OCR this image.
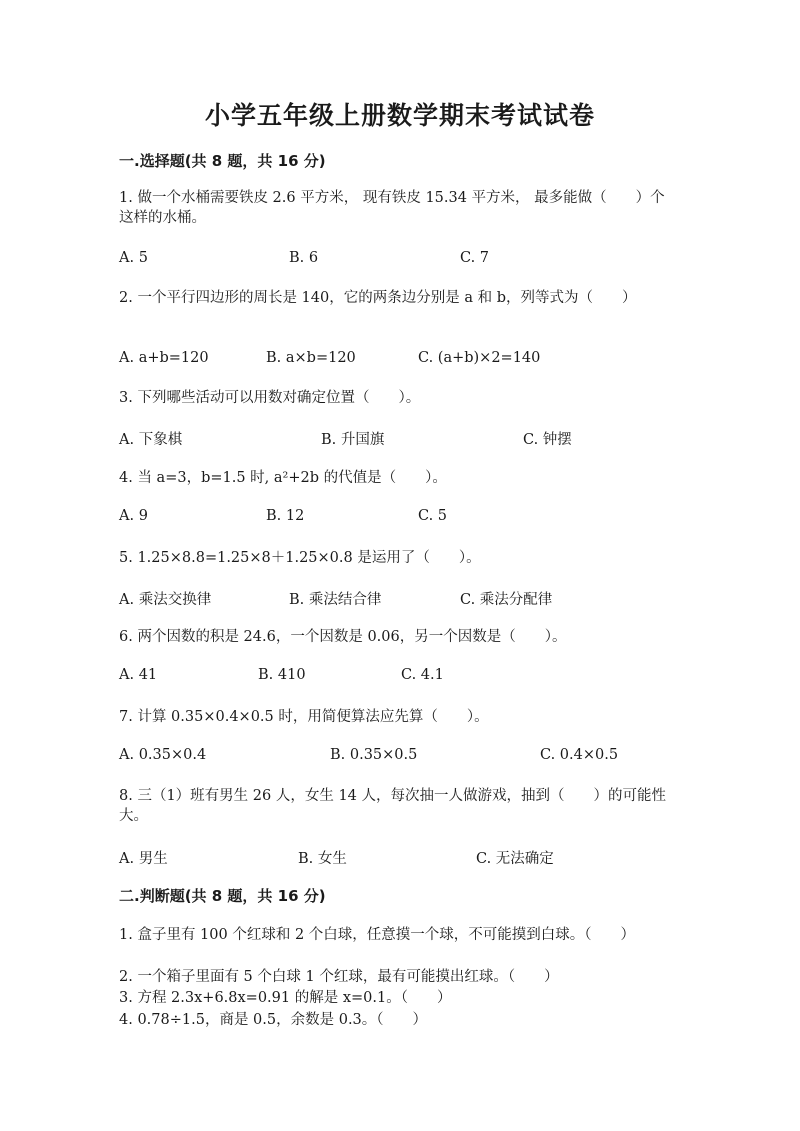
小学五年级上册数学期末考试试卷
一.选择题(共 8 题，共 16 分)
1. 做一个水桶需要铁皮 2.6 平方米， 现有铁皮 15.34 平方米， 最多能做（　　）个这样的水桶。
A. 5	B. 6	C. 7
2. 一个平行四边形的周长是 140，它的两条边分别是 a 和 b，列等式为（　　）
A. a+b=120	B. a×b=120	C. (a+b)×2=140
3. 下列哪些活动可以用数对确定位置（　　）。
A. 下象棋	B. 升国旗	C. 钟摆
4. 当 a=3，b=1.5 时, a²+2b 的代值是（　　）。
A. 9	B. 12	C. 5
5. 1.25×8.8=1.25×8＋1.25×0.8 是运用了（　　）。
A. 乘法交换律	B. 乘法结合律	C. 乘法分配律
6. 两个因数的积是 24.6，一个因数是 0.06，另一个因数是（　　）。
A. 41	B. 410	C. 4.1
7. 计算 0.35×0.4×0.5 时，用简便算法应先算（　　）。
A. 0.35×0.4	B. 0.35×0.5	C. 0.4×0.5
8. 三（1）班有男生 26 人，女生 14 人，每次抽一人做游戏，抽到（　　）的可能性大。
A. 男生	B. 女生	C. 无法确定
二.判断题(共 8 题，共 16 分)
1. 盒子里有 100 个红球和 2 个白球，任意摸一个球，不可能摸到白球。（　　）
2. 一个箱子里面有 5 个白球 1 个红球，最有可能摸出红球。（　　）
3. 方程 2.3x+6.8x=0.91 的解是 x=0.1。（　　）
4. 0.78÷1.5，商是 0.5，余数是 0.3。（　　）
